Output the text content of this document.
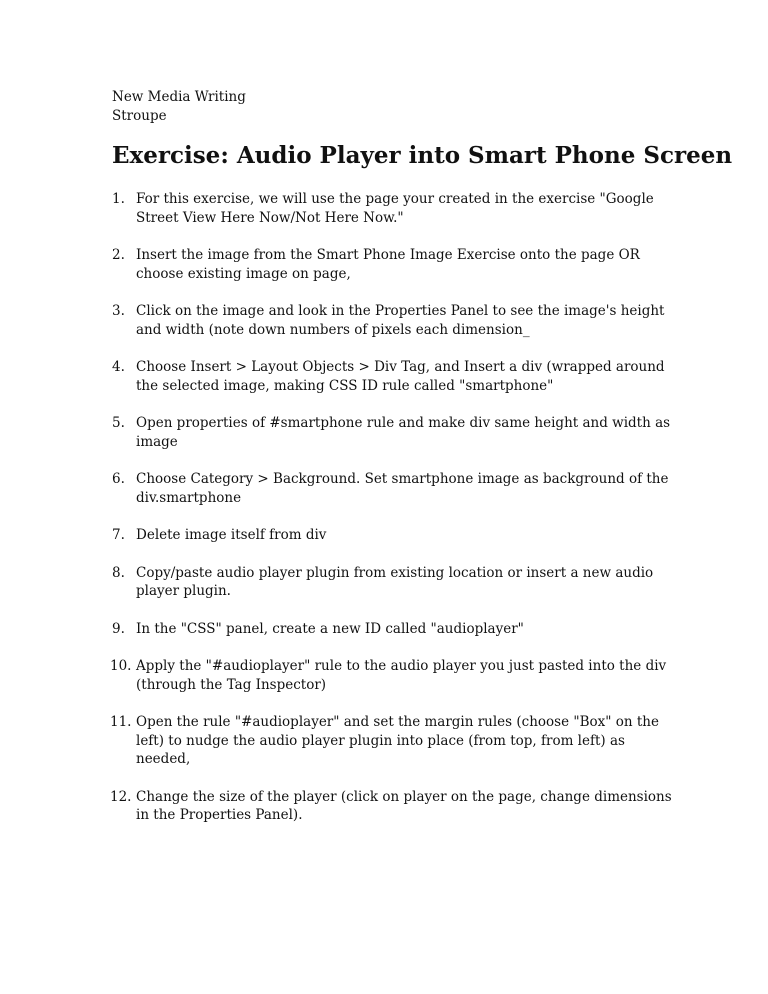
New Media Writing
Stroupe
Exercise: Audio Player into Smart Phone Screen
1. For this exercise, we will use the page your created in the exercise "Google Street View Here Now/Not Here Now."
2. Insert the image from the Smart Phone Image Exercise onto the page OR choose existing image on page,
3. Click on the image and look in the Properties Panel to see the image's height and width (note down numbers of pixels each dimension_
4. Choose Insert > Layout Objects > Div Tag, and Insert a div (wrapped around the selected image, making CSS ID rule called "smartphone"
5. Open properties of #smartphone rule and make div same height and width as image
6. Choose Category > Background. Set smartphone image as background of the div.smartphone
7. Delete image itself from div
8. Copy/paste audio player plugin from existing location or insert a new audio player plugin.
9. In the "CSS" panel, create a new ID called "audioplayer"
10. Apply the "#audioplayer" rule to the audio player you just pasted into the div (through the Tag Inspector)
11. Open the rule "#audioplayer" and set the margin rules (choose "Box" on the left) to nudge the audio player plugin into place (from top, from left) as needed,
12. Change the size of the player (click on player on the page, change dimensions in the Properties Panel).
